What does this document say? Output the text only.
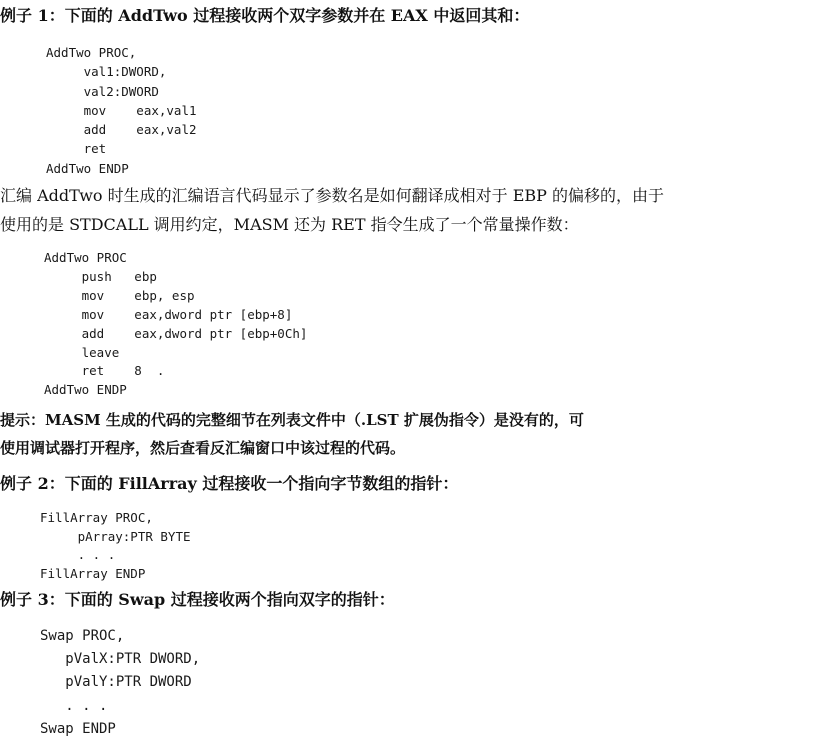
例子 1：下面的 AddTwo 过程接收两个双字参数并在 EAX 中返回其和：

AddTwo PROC,
val1:DWORD,
val2:DWORD
mov    eax,val1
add    eax,val2
ret
AddTwo ENDP

汇编 AddTwo 时生成的汇编语言代码显示了参数名是如何翻译成相对于 EBP 的偏移的，由于

使用的是 STDCALL 调用约定，MASM 还为 RET 指令生成了一个常量操作数：

AddTwo PROC
push   ebp
mov    ebp, esp
mov    eax,dword ptr [ebp+8]
add    eax,dword ptr [ebp+0Ch]
leave
ret    8  .
AddTwo ENDP

提示：MASM 生成的代码的完整细节在列表文件中（.LST 扩展伪指令）是没有的，可

使用调试器打开程序，然后查看反汇编窗口中该过程的代码。

例子 2：下面的 FillArray 过程接收一个指向字节数组的指针：

FillArray PROC,
pArray:PTR BYTE
. . .
FillArray ENDP

例子 3：下面的 Swap 过程接收两个指向双字的指针：

Swap PROC,
pValX:PTR DWORD,
pValY:PTR DWORD
. . .
Swap ENDP
